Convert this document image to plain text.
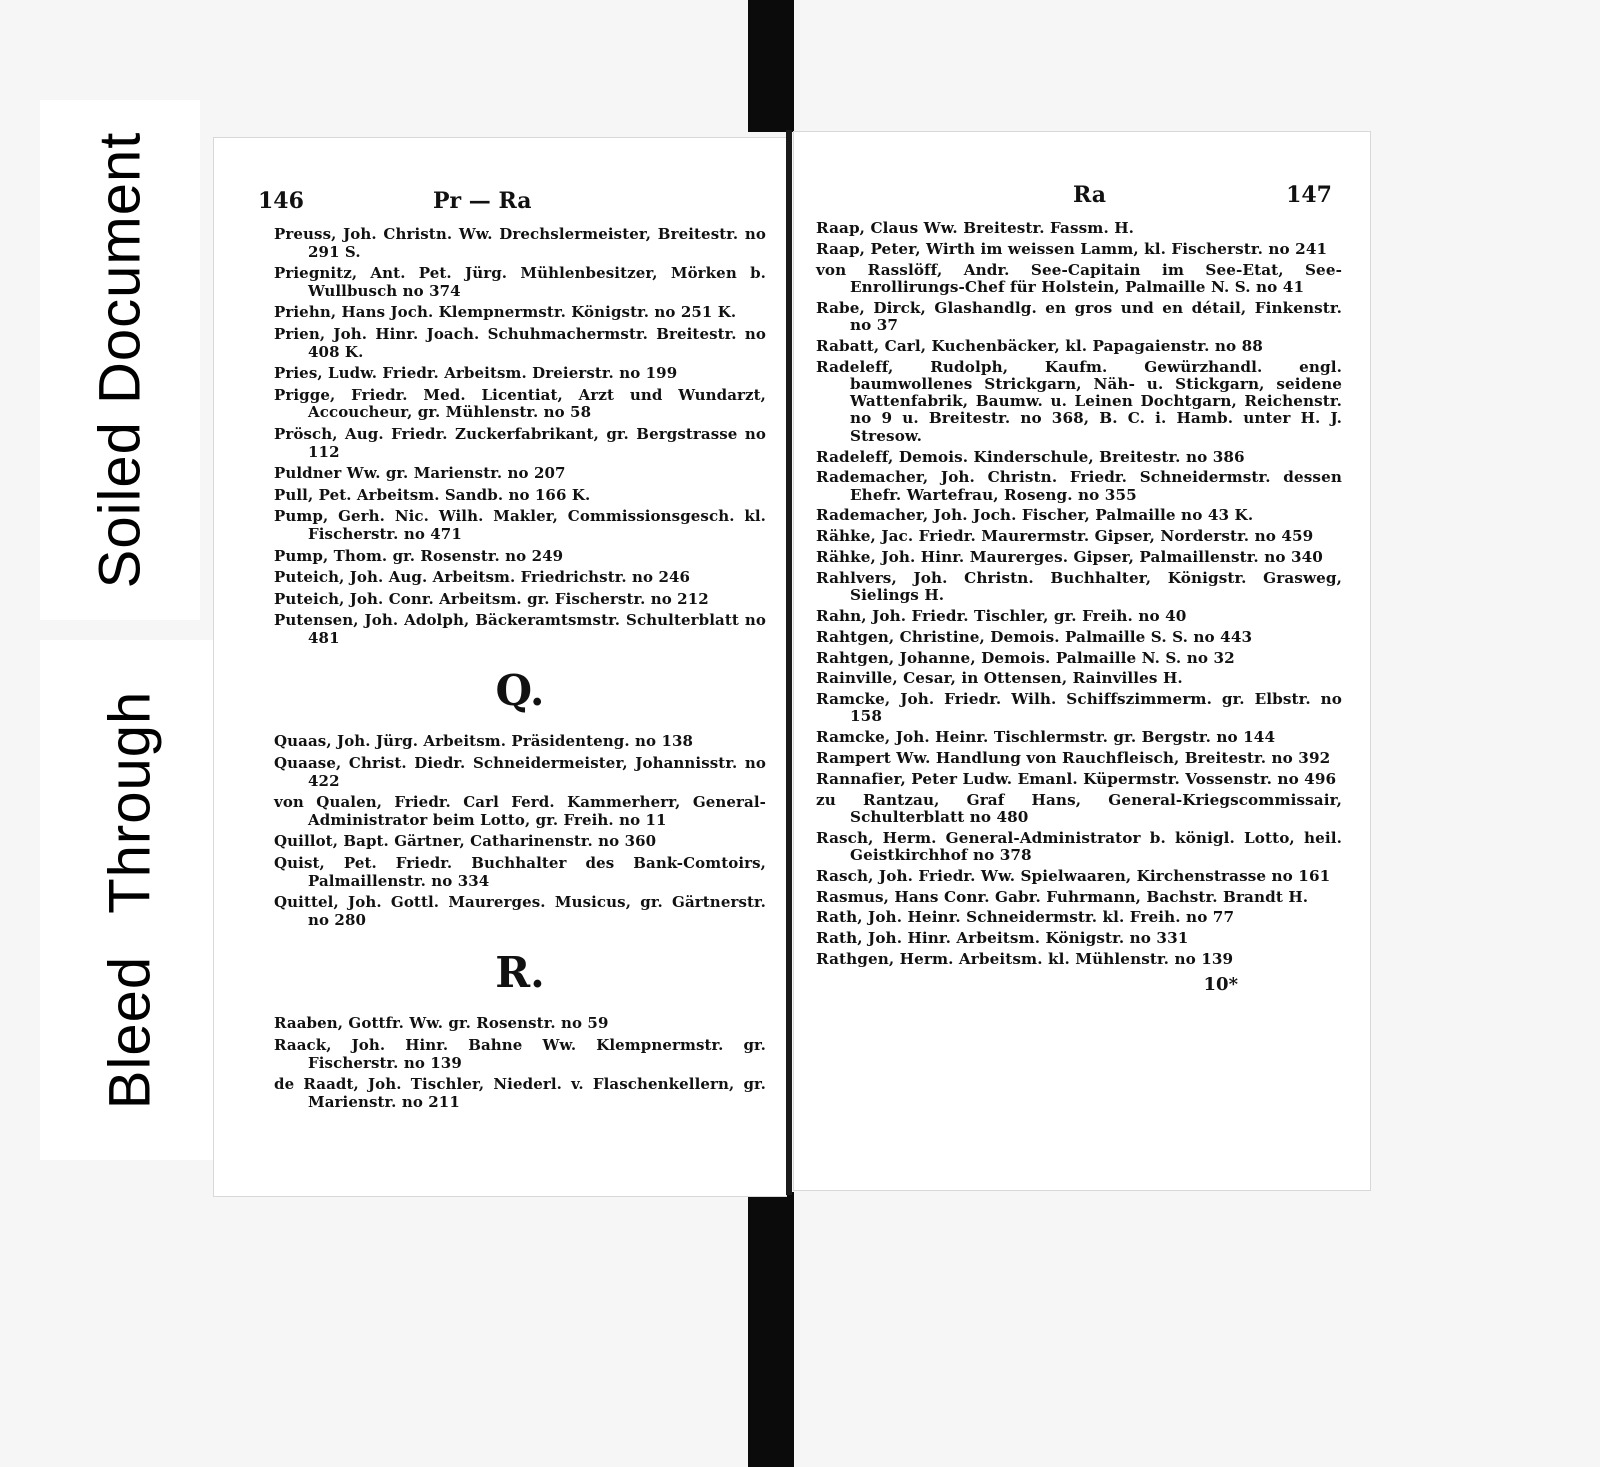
Soiled Document
Bleed Through
146	Pr — Ra
Preuss, Joh. Christn. Ww. Drechslermeister, Breitestr. no 291 S.
Priegnitz, Ant. Pet. Jürg. Mühlenbesitzer, Mörken b. Wullbusch no 374
Priehn, Hans Joch. Klempnermstr. Königstr. no 251 K.
Prien, Joh. Hinr. Joach. Schuhmachermstr. Breitestr. no 408 K.
Pries, Ludw. Friedr. Arbeitsm. Dreierstr. no 199
Prigge, Friedr. Med. Licentiat, Arzt und Wundarzt, Accoucheur, gr. Mühlenstr. no 58
Prösch, Aug. Friedr. Zuckerfabrikant, gr. Bergstrasse no 112
Puldner Ww. gr. Marienstr. no 207
Pull, Pet. Arbeitsm. Sandb. no 166 K.
Pump, Gerh. Nic. Wilh. Makler, Commissionsgesch. kl. Fischerstr. no 471
Pump, Thom. gr. Rosenstr. no 249
Puteich, Joh. Aug. Arbeitsm. Friedrichstr. no 246
Puteich, Joh. Conr. Arbeitsm. gr. Fischerstr. no 212
Putensen, Joh. Adolph, Bäckeramtsmstr. Schulterblatt no 481
Q.
Quaas, Joh. Jürg. Arbeitsm. Präsidenteng. no 138
Quaase, Christ. Diedr. Schneidermeister, Johannisstr. no 422
von Qualen, Friedr. Carl Ferd. Kammerherr, General-Administrator beim Lotto, gr. Freih. no 11
Quillot, Bapt. Gärtner, Catharinenstr. no 360
Quist, Pet. Friedr. Buchhalter des Bank-Comtoirs, Palmaillenstr. no 334
Quittel, Joh. Gottl. Maurerges. Musicus, gr. Gärtnerstr. no 280
R.
Raaben, Gottfr. Ww. gr. Rosenstr. no 59
Raack, Joh. Hinr. Bahne Ww. Klempnermstr. gr. Fischerstr. no 139
de Raadt, Joh. Tischler, Niederl. v. Flaschenkellern, gr. Marienstr. no 211
Ra	147
Raap, Claus Ww. Breitestr. Fassm. H.
Raap, Peter, Wirth im weissen Lamm, kl. Fischerstr. no 241
von Rasslöff, Andr. See-Capitain im See-Etat, See-Enrollirungs-Chef für Holstein, Palmaille N. S. no 41
Rabe, Dirck, Glashandlg. en gros und en détail, Finkenstr. no 37
Rabatt, Carl, Kuchenbäcker, kl. Papagaienstr. no 88
Radeleff, Rudolph, Kaufm. Gewürzhandl. engl. baumwollenes Strickgarn, Näh- u. Stickgarn, seidene Wattenfabrik, Baumw. u. Leinen Dochtgarn, Reichenstr. no 9 u. Breitestr. no 368, B. C. i. Hamb. unter H. J. Stresow.
Radeleff, Demois. Kinderschule, Breitestr. no 386
Rademacher, Joh. Christn. Friedr. Schneidermstr. dessen Ehefr. Wartefrau, Roseng. no 355
Rademacher, Joh. Joch. Fischer, Palmaille no 43 K.
Rähke, Jac. Friedr. Maurermstr. Gipser, Norderstr. no 459
Rähke, Joh. Hinr. Maurerges. Gipser, Palmaillenstr. no 340
Rahlvers, Joh. Christn. Buchhalter, Königstr. Grasweg, Sielings H.
Rahn, Joh. Friedr. Tischler, gr. Freih. no 40
Rahtgen, Christine, Demois. Palmaille S. S. no 443
Rahtgen, Johanne, Demois. Palmaille N. S. no 32
Rainville, Cesar, in Ottensen, Rainvilles H.
Ramcke, Joh. Friedr. Wilh. Schiffszimmerm. gr. Elbstr. no 158
Ramcke, Joh. Heinr. Tischlermstr. gr. Bergstr. no 144
Rampert Ww. Handlung von Rauchfleisch, Breitestr. no 392
Rannafier, Peter Ludw. Emanl. Küpermstr. Vossenstr. no 496
zu Rantzau, Graf Hans, General-Kriegscommissair, Schulterblatt no 480
Rasch, Herm. General-Administrator b. königl. Lotto, heil. Geistkirchhof no 378
Rasch, Joh. Friedr. Ww. Spielwaaren, Kirchenstrasse no 161
Rasmus, Hans Conr. Gabr. Fuhrmann, Bachstr. Brandt H.
Rath, Joh. Heinr. Schneidermstr. kl. Freih. no 77
Rath, Joh. Hinr. Arbeitsm. Königstr. no 331
Rathgen, Herm. Arbeitsm. kl. Mühlenstr. no 139
10*
